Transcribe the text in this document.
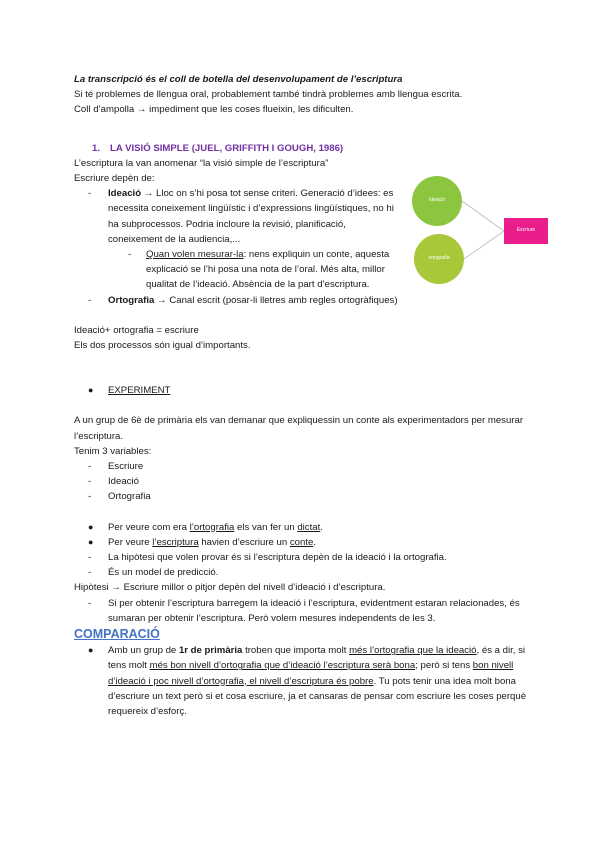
La transcripció és el coll de botella del desenvolupament de l’escriptura

Si té problemes de llengua oral, probablement també tindrà problemes amb llengua escrita.

Coll d’ampolla → impediment que les coses flueixin, les dificulten.

1. LA VISIÓ SIMPLE (JUEL, GRIFFITH I GOUGH, 1986)

L’escriptura la van anomenar “la visió simple de l’escriptura”

Escriure depèn de:

- Ideació → Lloc on s’hi posa tot sense criteri. Generació d’idees: es necessita coneixement lingüístic i d’expressions lingüístiques, no hi ha subprocessos. Podria incloure la revisió, planificació, coneixement de la audiencia,...
- Quan volen mesurar-la: nens expliquin un conte, aquesta explicació se l’hi posa una nota de l’oral. Més alta, millor qualitat de l’ideació. Absència de la part d’escriptura.
- Ortografia → Canal escrit (posar-li lletres amb regles ortogràfiques)

Ideació+ ortografia = escriure

Els dos processos són igual d’importants.

● EXPERIMENT

A un grup de 6è de primària els van demanar que expliquessin un conte als experimentadors per mesurar l’escriptura.

Tenim 3 variables:

- Escriure
- Ideació
- Ortografia
● Per veure com era l’ortografia els van fer un dictat.
● Per veure l’escriptura havien d’escriure un conte.
- La hipòtesi que volen provar és si l’escriptura depèn de la ideació i la ortografia.
- És un model de predicció.

Hipòtesi → Escriure millor o pitjor depèn del nivell d’ideació i d’escriptura.

- Si per obtenir l’escriptura barregem la ideació i l’escriptura, evidentment estaran relacionades, és sumaran per obtenir l’escriptura. Però volem mesures independents de les 3.

COMPARACIÓ

● Amb un grup de 1r de primària troben que importa molt més l’ortografia que la ideació, és a dir, si tens molt més bon nivell d’ortografia que d’ideació l’escriptura serà bona; però si tens bon nivell d’ideació i poc nivell d’ortografia, el nivell d’escriptura és pobre. Tu pots tenir una idea molt bona d’escriure un text però si et cosa escriure, ja et cansaras de pensar com escriure les coses perquè requereix d’esforç.
Ideació
ortografia
Escriure
